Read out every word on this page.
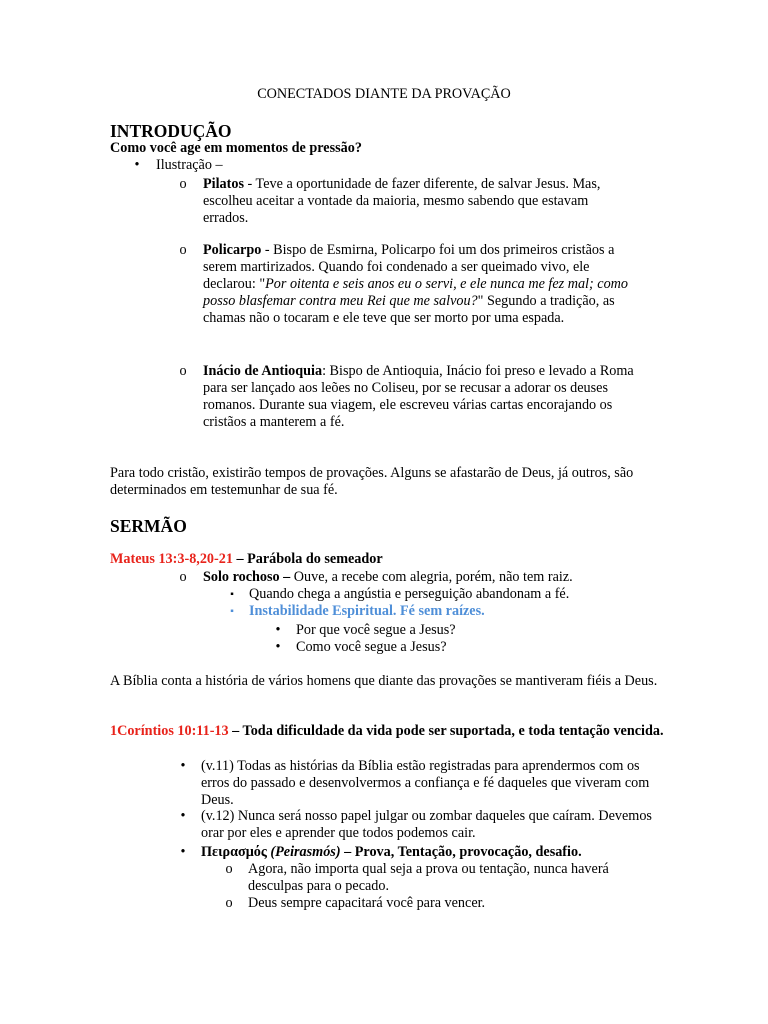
CONECTADOS DIANTE DA PROVAÇÃO

INTRODUÇÃO

Como você age em momentos de pressão?

•	Ilustração –
o Pilatos - Teve a oportunidade de fazer diferente, de salvar Jesus. Mas, escolheu aceitar a vontade da maioria, mesmo sabendo que estavam errados.

o Policarpo - Bispo de Esmirna, Policarpo foi um dos primeiros cristãos a serem martirizados. Quando foi condenado a ser queimado vivo, ele declarou: "Por oitenta e seis anos eu o servi, e ele nunca me fez mal; como posso blasfemar contra meu Rei que me salvou?" Segundo a tradição, as chamas não o tocaram e ele teve que ser morto por uma espada.

o Inácio de Antioquia: Bispo de Antioquia, Inácio foi preso e levado a Roma para ser lançado aos leões no Coliseu, por se recusar a adorar os deuses romanos. Durante sua viagem, ele escreveu várias cartas encorajando os cristãos a manterem a fé.

Para todo cristão, existirão tempos de provações. Alguns se afastarão de Deus, já outros, são determinados em testemunhar de sua fé.

SERMÃO

Mateus 13:3-8,20-21 – Parábola do semeador

o Solo rochoso – Ouve, a recebe com alegria, porém, não tem raiz.

▪	Quando chega a angústia e perseguição abandonam a fé.

▪	Instabilidade Espiritual. Fé sem raízes.

•	Por que você segue a Jesus?

•	Como você segue a Jesus?

A Bíblia conta a história de vários homens que diante das provações se mantiveram fiéis a Deus.

1Coríntios 10:11-13 – Toda dificuldade da vida pode ser suportada, e toda tentação vencida.

•	(v.11) Todas as histórias da Bíblia estão registradas para aprendermos com os erros do passado e desenvolvermos a confiança e fé daqueles que viveram com Deus.

•	(v.12) Nunca será nosso papel julgar ou zombar daqueles que caíram. Devemos orar por eles e aprender que todos podemos cair.

•	Πειρασμός (Peirasmós) – Prova, Tentação, provocação, desafio.

o Agora, não importa qual seja a prova ou tentação, nunca haverá desculpas para o pecado.

o Deus sempre capacitará você para vencer.
